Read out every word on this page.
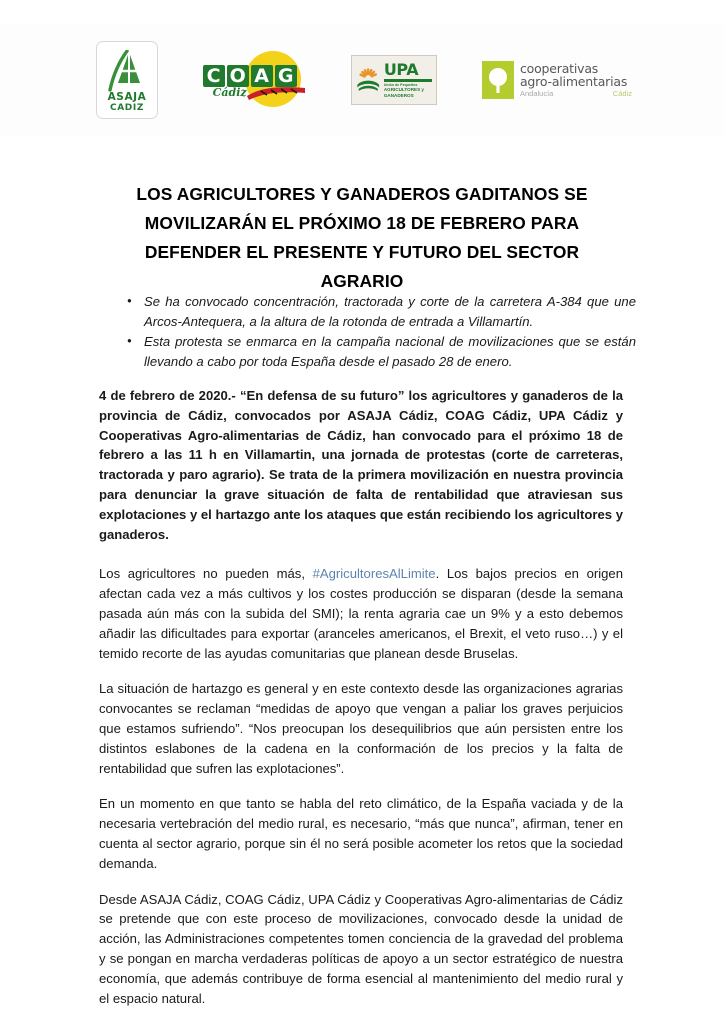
ASAJA
CADIZ
C O A G
Cádiz
UPA
Unión de Pequeños
AGRICULTORES y GANADEROS
cooperativas
agro-alimentarias
Andalucía	Cádiz
LOS AGRICULTORES Y GANADEROS GADITANOS SE MOVILIZARÁN EL PRÓXIMO 18 DE FEBRERO PARA DEFENDER EL PRESENTE Y FUTURO DEL SECTOR AGRARIO
● Se ha convocado concentración, tractorada y corte de la carretera A-384 que une Arcos-Antequera, a la altura de la rotonda de entrada a Villamartín.
● Esta protesta se enmarca en la campaña nacional de movilizaciones que se están llevando a cabo por toda España desde el pasado 28 de enero.

4 de febrero de 2020.- “En defensa de su futuro” los agricultores y ganaderos de la provincia de Cádiz, convocados por ASAJA Cádiz, COAG Cádiz, UPA Cádiz y Cooperativas Agro-alimentarias de Cádiz, han convocado para el próximo 18 de febrero a las 11 h en Villamartin, una jornada de protestas (corte de carreteras, tractorada y paro agrario). Se trata de la primera movilización en nuestra provincia para denunciar la grave situación de falta de rentabilidad que atraviesan sus explotaciones y el hartazgo ante los ataques que están recibiendo los agricultores y ganaderos.

Los agricultores no pueden más, #AgricultoresAlLimite. Los bajos precios en origen afectan cada vez a más cultivos y los costes producción se disparan (desde la semana pasada aún más con la subida del SMI); la renta agraria cae un 9% y a esto debemos añadir las dificultades para exportar (aranceles americanos, el Brexit, el veto ruso…) y el temido recorte de las ayudas comunitarias que planean desde Bruselas.

La situación de hartazgo es general y en este contexto desde las organizaciones agrarias convocantes se reclaman “medidas de apoyo que vengan a paliar los graves perjuicios que estamos sufriendo”. “Nos preocupan los desequilibrios que aún persisten entre los distintos eslabones de la cadena en la conformación de los precios y la falta de rentabilidad que sufren las explotaciones”.

En un momento en que tanto se habla del reto climático, de la España vaciada y de la necesaria vertebración del medio rural, es necesario, “más que nunca”, afirman, tener en cuenta al sector agrario, porque sin él no será posible acometer los retos que la sociedad demanda.

Desde ASAJA Cádiz, COAG Cádiz, UPA Cádiz y Cooperativas Agro-alimentarias de Cádiz se pretende que con este proceso de movilizaciones, convocado desde la unidad de acción, las Administraciones competentes tomen conciencia de la gravedad del problema y se pongan en marcha verdaderas políticas de apoyo a un sector estratégico de nuestra economía, que además contribuye de forma esencial al mantenimiento del medio rural y el espacio natural.
